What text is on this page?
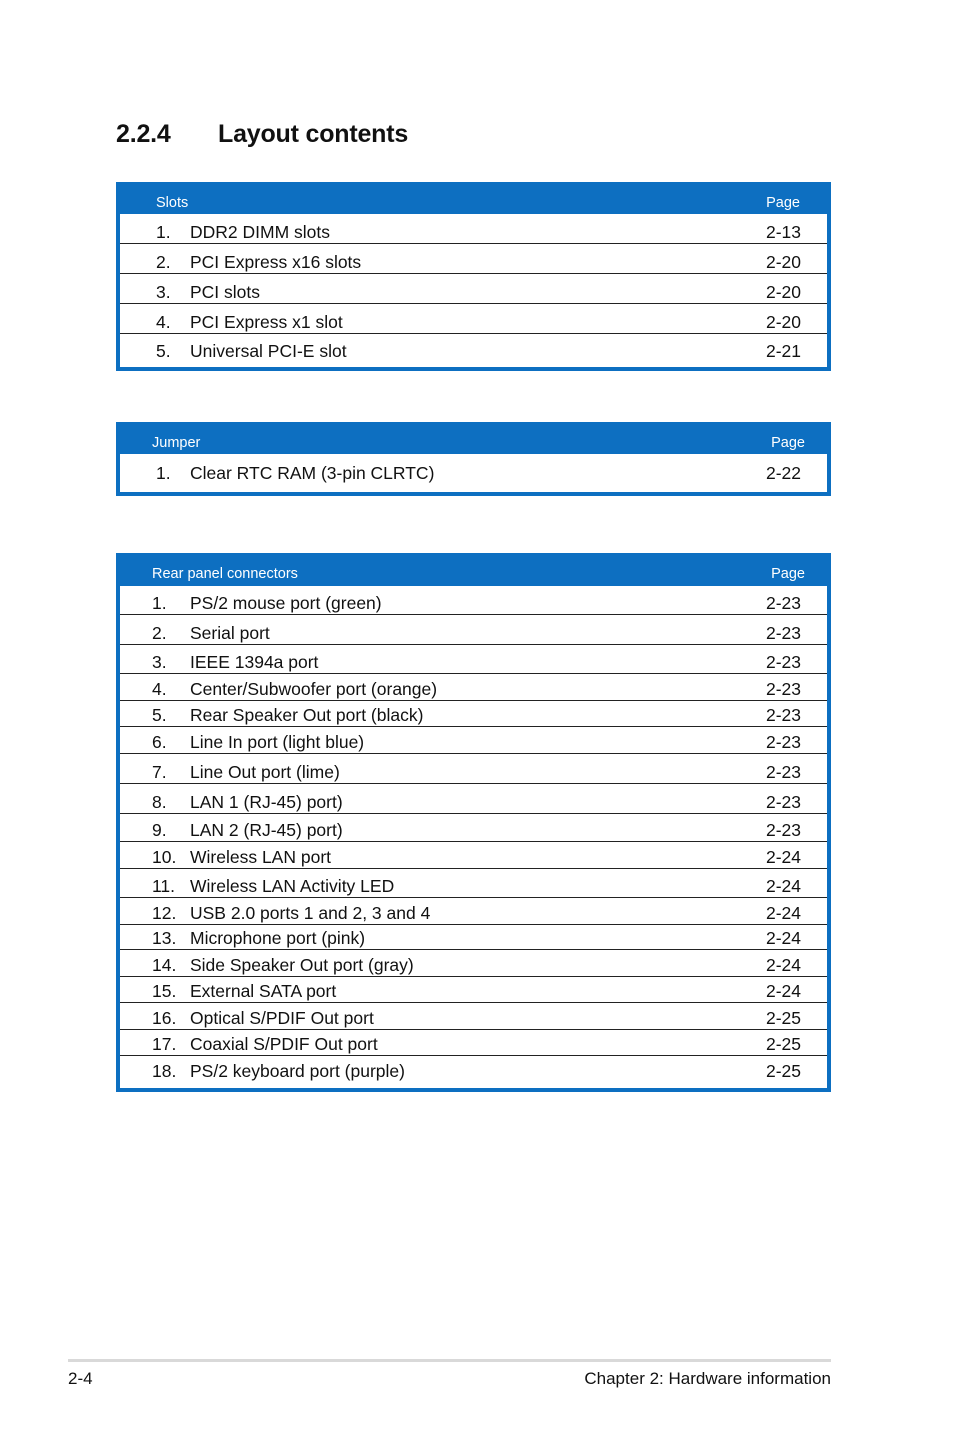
2.2.4 Layout contents
Slots	Page
1. DDR2 DIMM slots	2-13
2. PCI Express x16 slots	2-20
3. PCI slots	2-20
4. PCI Express x1 slot	2-20
5. Universal PCI-E slot	2-21
Jumper	Page
1. Clear RTC RAM (3-pin CLRTC)	2-22
Rear panel connectors	Page
1. PS/2 mouse port (green)	2-23
2. Serial port	2-23
3. IEEE 1394a port	2-23
4. Center/Subwoofer port (orange)	2-23
5. Rear Speaker Out port (black)	2-23
6. Line In port (light blue)	2-23
7. Line Out port (lime)	2-23
8. LAN 1 (RJ-45) port)	2-23
9. LAN 2 (RJ-45) port)	2-23
10. Wireless LAN port	2-24
11. Wireless LAN Activity LED	2-24
12. USB 2.0 ports 1 and 2, 3 and 4	2-24
13. Microphone port (pink)	2-24
14. Side Speaker Out port (gray)	2-24
15. External SATA port	2-24
16. Optical S/PDIF Out port	2-25
17. Coaxial S/PDIF Out port	2-25
18. PS/2 keyboard port (purple)	2-25
2-4	Chapter 2: Hardware information
